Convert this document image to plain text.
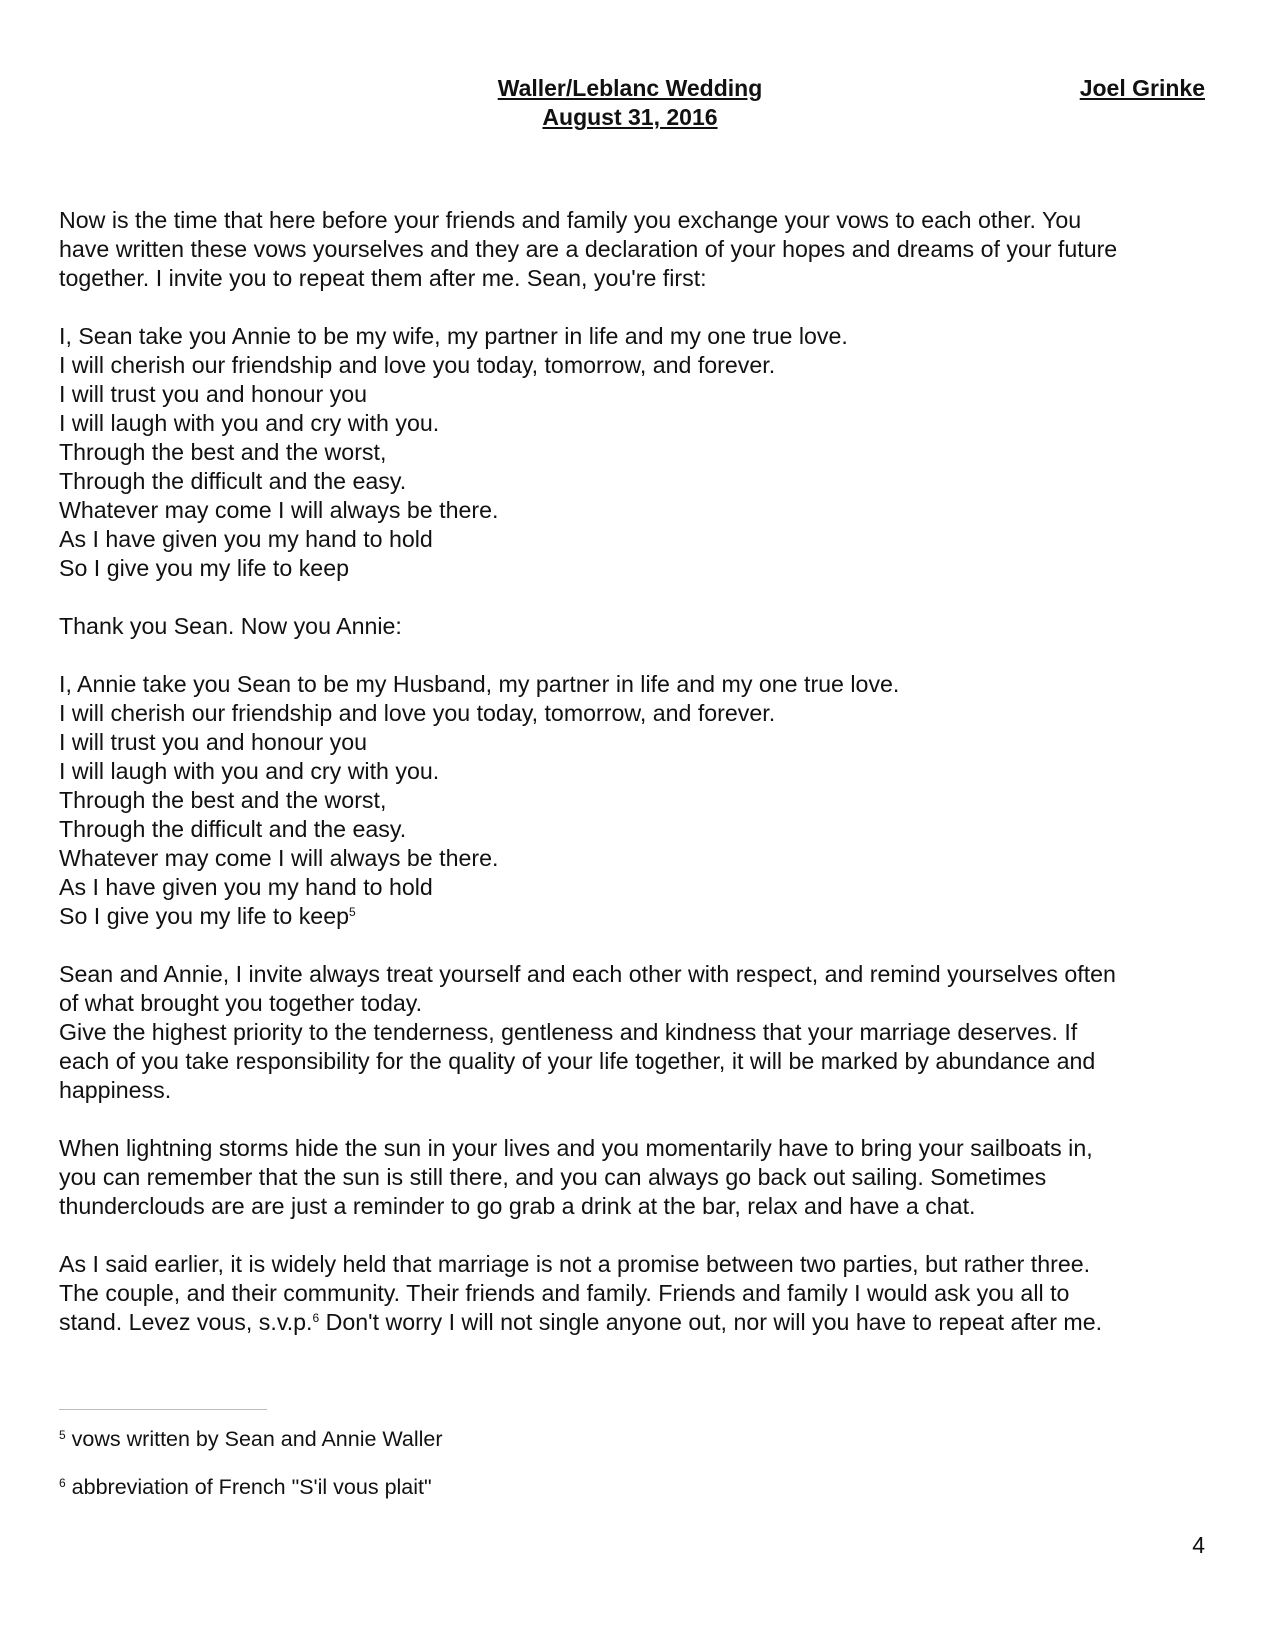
Waller/Leblanc Wedding
August 31, 2016
Joel Grinke

Now is the time that here before your friends and family you exchange your vows to each other. You
have written these vows yourselves and they are a declaration of your hopes and dreams of your future
together. I invite you to repeat them after me. Sean, you're first:

I, Sean take you Annie to be my wife, my partner in life and my one true love.
I will cherish our friendship and love you today, tomorrow, and forever.
I will trust you and honour you
I will laugh with you and cry with you.
Through the best and the worst,
Through the difficult and the easy.
Whatever may come I will always be there.
As I have given you my hand to hold
So I give you my life to keep

Thank you Sean. Now you Annie:

I, Annie take you Sean to be my Husband, my partner in life and my one true love.
I will cherish our friendship and love you today, tomorrow, and forever.
I will trust you and honour you
I will laugh with you and cry with you.
Through the best and the worst,
Through the difficult and the easy.
Whatever may come I will always be there.
As I have given you my hand to hold
So I give you my life to keep$^5$

Sean and Annie, I invite always treat yourself and each other with respect, and remind yourselves often
of what brought you together today.
Give the highest priority to the tenderness, gentleness and kindness that your marriage deserves. If
each of you take responsibility for the quality of your life together, it will be marked by abundance and
happiness.

When lightning storms hide the sun in your lives and you momentarily have to bring your sailboats in,
you can remember that the sun is still there, and you can always go back out sailing. Sometimes
thunderclouds are are just a reminder to go grab a drink at the bar, relax and have a chat.

As I said earlier, it is widely held that marriage is not a promise between two parties, but rather three.
The couple, and their community. Their friends and family. Friends and family I would ask you all to
stand. Levez vous, s.v.p.$^6$ Don't worry I will not single anyone out, nor will you have to repeat after me.

$^5$ vows written by Sean and Annie Waller

$^6$ abbreviation of French "S'il vous plait"

4
